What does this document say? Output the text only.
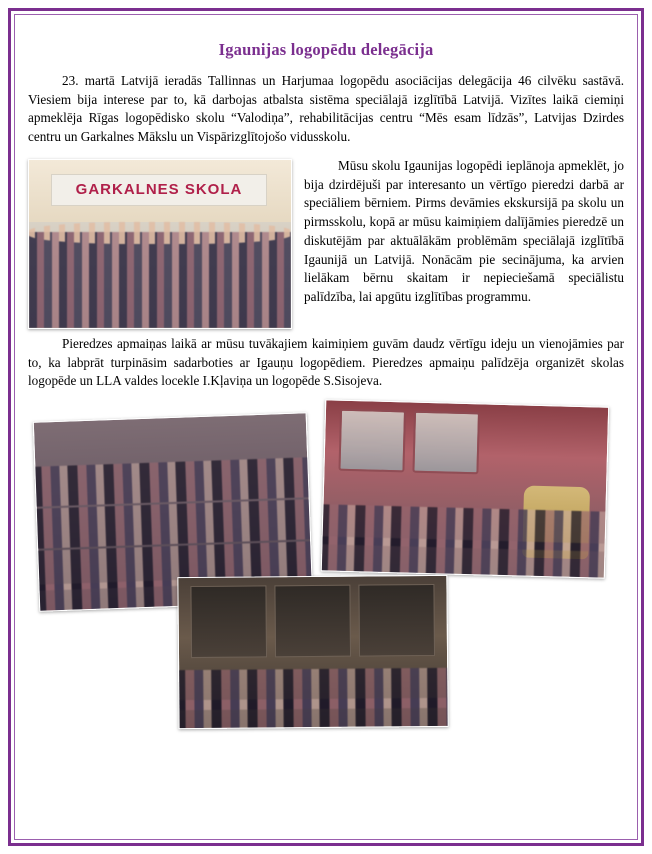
Igaunijas logopēdu delegācija

23. martā Latvijā ieradās Tallinnas un Harjumaa logopēdu asociācijas delegācija 46 cilvēku sastāvā. Viesiem bija interese par to, kā darbojas atbalsta sistēma speciālajā izglītībā Latvijā. Vizītes laikā ciemiņi apmeklēja Rīgas logopēdisko skolu “Valodiņa”, rehabilitācijas centru “Mēs esam līdzās”, Latvijas Dzirdes centru un Garkalnes Mākslu un Vispārizglītojošo vidusskolu.

GARKALNES SKOLA

Mūsu skolu Igaunijas logopēdi ieplānoja apmeklēt, jo bija dzirdējuši par interesanto un vērtīgo pieredzi darbā ar speciāliem bērniem. Pirms devāmies ekskursijā pa skolu un pirmsskolu, kopā ar mūsu kaimiņiem dalījāmies pieredzē un diskutējām par aktuālākām problēmām speciālajā izglītībā Igaunijā un Latvijā. Nonācām pie secinājuma, ka arvien lielākam bērnu skaitam ir nepieciešamā speciālistu palīdzība, lai apgūtu izglītības programmu.

Pieredzes apmaiņas laikā ar mūsu tuvākajiem kaimiņiem guvām daudz vērtīgu ideju un vienojāmies par to, ka labprāt turpināsim sadarboties ar Igauņu logopēdiem. Pieredzes apmaiņu palīdzēja organizēt skolas logopēde un LLA valdes locekle I.Kļaviņa un logopēde S.Sisojeva.
